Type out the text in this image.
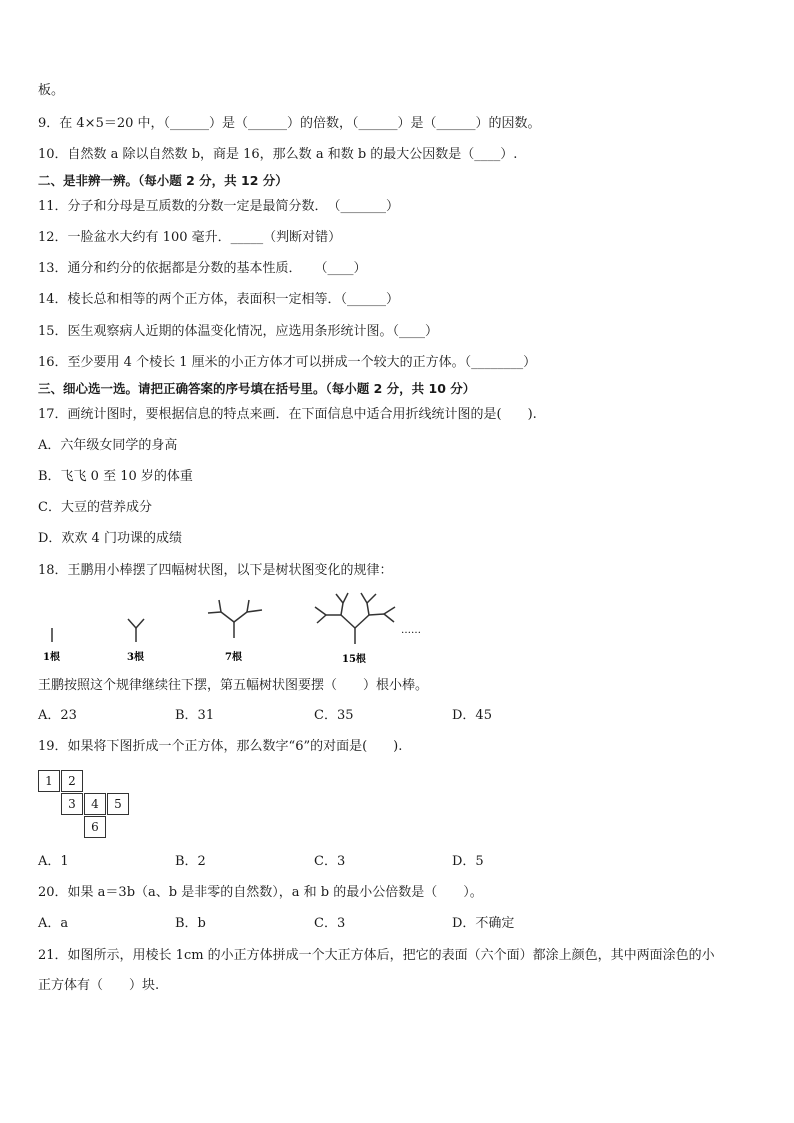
板。
9．在 4×5＝20 中，（______）是（______）的倍数，（______）是（______）的因数。
10．自然数 a 除以自然数 b，商是 16，那么数 a 和数 b 的最大公因数是（____）.
二、是非辨一辨。（每小题 2 分，共 12 分）
11．分子和分母是互质数的分数一定是最简分数．　（_______）
12．一脸盆水大约有 100 毫升．_____（判断对错）
13．通分和约分的依据都是分数的基本性质．　　（____）
14．棱长总和相等的两个正方体，表面积一定相等．（______）
15．医生观察病人近期的体温变化情况，应选用条形统计图。（____）
16．至少要用 4 个棱长 1 厘米的小正方体才可以拼成一个较大的正方体。（________）
三、细心选一选。请把正确答案的序号填在括号里。（每小题 2 分，共 10 分）
17．画统计图时，要根据信息的特点来画．在下面信息中适合用折线统计图的是(　　).
A．六年级女同学的身高
B．飞飞 0 至 10 岁的体重
C．大豆的营养成分
D．欢欢 4 门功课的成绩
18．王鹏用小棒摆了四幅树状图，以下是树状图变化的规律：
1根	3根	7根	15根
……
王鹏按照这个规律继续往下摆，第五幅树状图要摆（　　）根小棒。
A．23	B．31	C．35	D．45
19．如果将下图折成一个正方体，那么数字“6”的对面是(　　).
1	2
3	4	5
6
A．1	B．2	C．3	D．5
20．如果 a＝3b（a、b 是非零的自然数），a 和 b 的最小公倍数是（　　）。
A．a	B．b	C．3	D．不确定
21．如图所示，用棱长 1cm 的小正方体拼成一个大正方体后，把它的表面（六个面）都涂上颜色，其中两面涂色的小
正方体有（　　）块.
